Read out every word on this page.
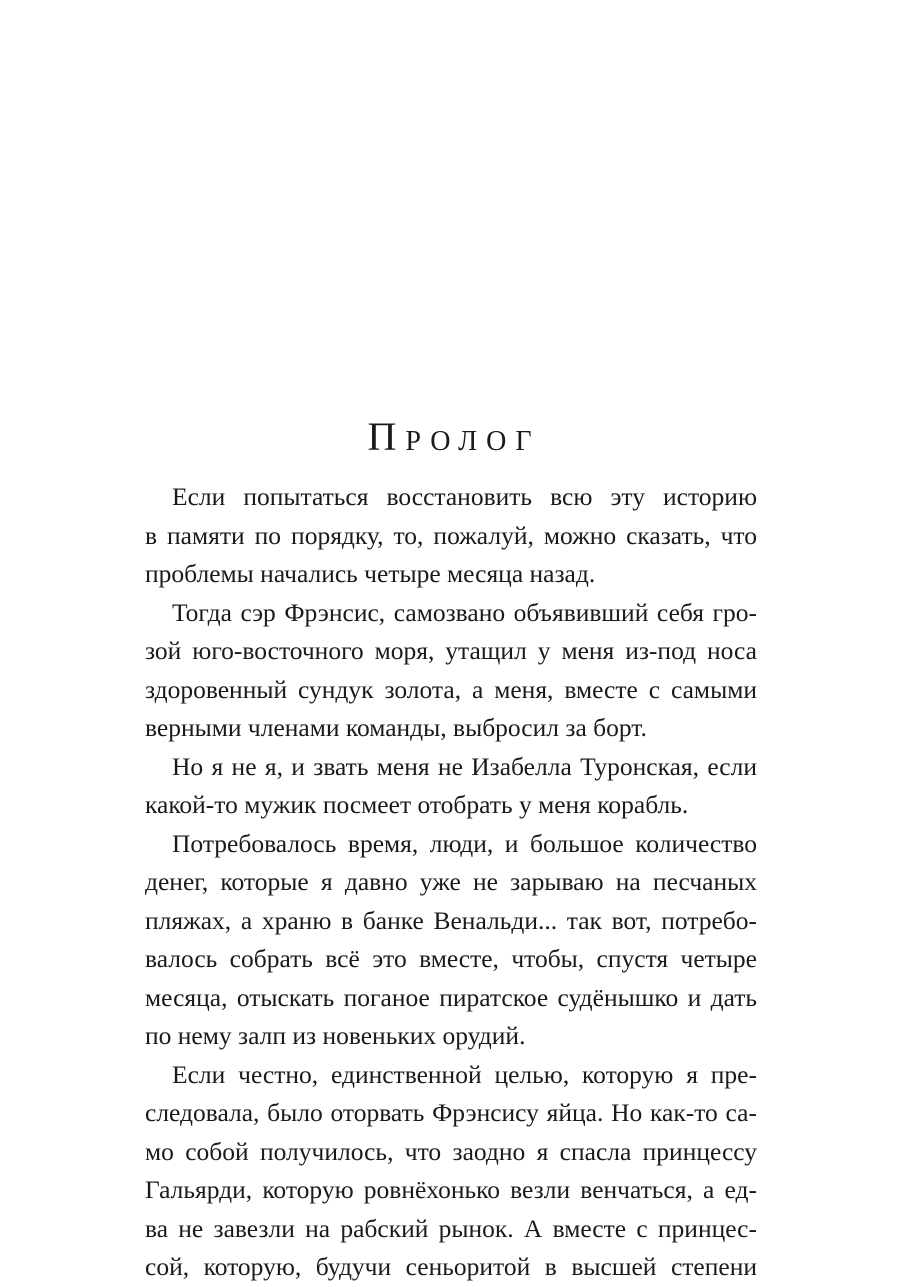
Пролог
Если попытаться восстановить всю эту историю
в памяти по порядку, то, пожалуй, можно сказать, что
проблемы начались четыре месяца назад.
Тогда сэр Фрэнсис, самозвано объявивший себя гро-
зой юго-восточного моря, утащил у меня из-под носа
здоровенный сундук золота, а меня, вместе с самыми
верными членами команды, выбросил за борт.
Но я не я, и звать меня не Изабелла Туронская, если
какой-то мужик посмеет отобрать у меня корабль.
Потребовалось время, люди, и большое количество
денег, которые я давно уже не зарываю на песчаных
пляжах, а храню в банке Венальди... так вот, потребо-
валось собрать всё это вместе, чтобы, спустя четыре
месяца, отыскать поганое пиратское судёнышко и дать
по нему залп из новеньких орудий.
Если честно, единственной целью, которую я пре-
следовала, было оторвать Фрэнсису яйца. Но как-то са-
мо собой получилось, что заодно я спасла принцессу
Гальярди, которую ровнёхонько везли венчаться, а ед-
ва не завезли на рабский рынок. А вместе с принцес-
сой, которую, будучи сеньоритой в высшей степени
